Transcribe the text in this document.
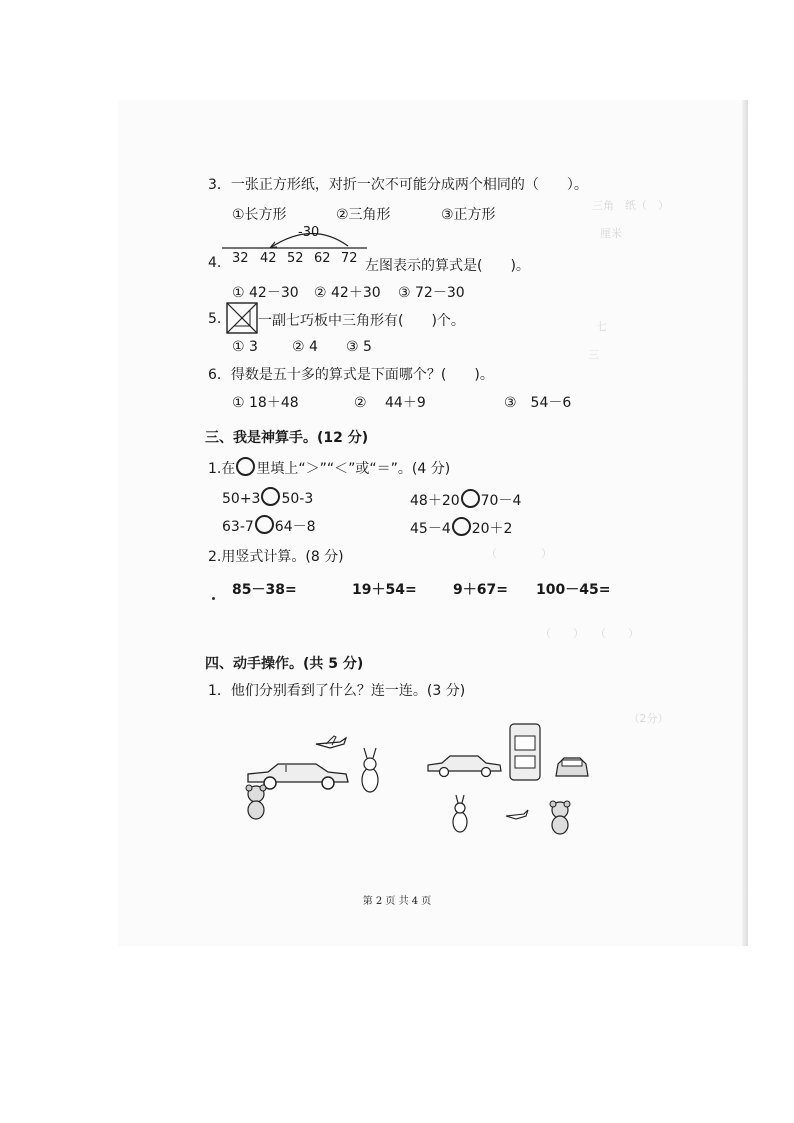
三角　纸（　）
厘米　　　　　
七　　　　
三　　　　

（　　　　）
（　　）　　（　　）
　　　　（2分）

3．一张正方形纸，对折一次不可能分成两个相同的（　　）。
①长方形	②三角形	③正方形
4.
-30
32 42 52 62 72 左图表示的算式是(　　)。
① 42－30 ② 42＋30 ③ 72－30
5.	一副七巧板中三角形有(　　)个。
① 3 ② 4 ③ 5
6．得数是五十多的算式是下面哪个？(　　)。
① 18＋48	②　 44＋9	③　54－6
三、我是神算手。(12 分)
1.在 里填上“＞”“＜”或“＝”。(4 分)
50+3 50-3	48＋20 70－4
63-7 64－8	45－4 20＋2
2.用竖式计算。(8 分)
85－38=	19＋54=	9＋67= 100－45=
四、动手操作。(共 5 分)
1．他们分别看到了什么？连一连。(3 分)
第 2 页 共 4 页
